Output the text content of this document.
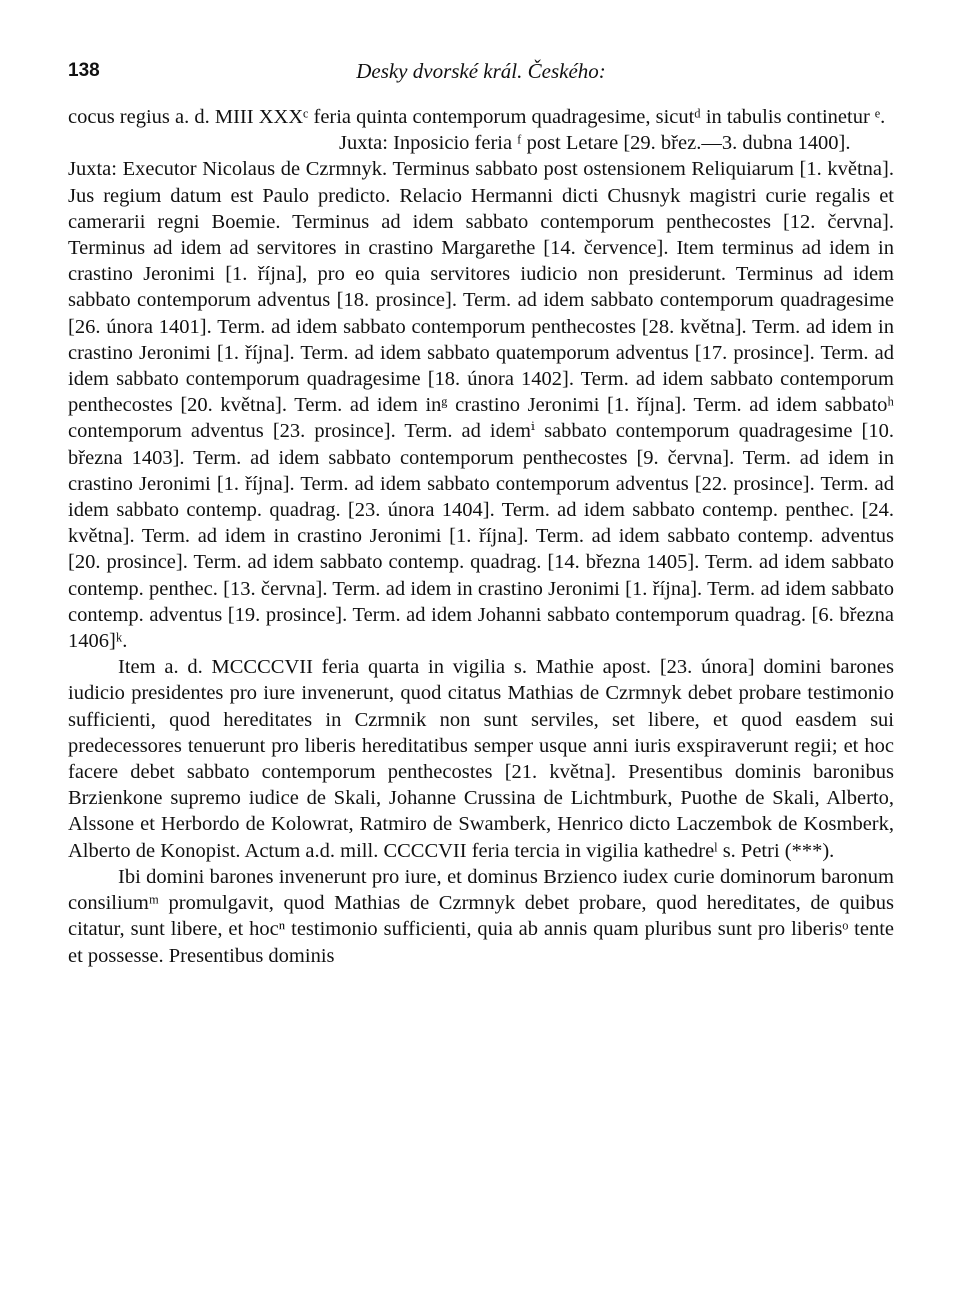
138	Desky dvorské král. Českého:

cocus regius a. d. MIII XXXᶜ feria quinta contemporum quadragesime, sicutᵈ in tabulis continetur ᵉ.

Juxta: Inposicio feria ᶠ post Letare [29. břez.—3. dubna 1400].

Juxta: Executor Nicolaus de Czrmnyk. Terminus sabbato post ostensionem Reliquiarum [1. května]. Jus regium datum est Paulo predicto. Relacio Hermanni dicti Chusnyk magistri curie regalis et camerarii regni Boemie. Terminus ad idem sabbato contemporum penthecostes [12. června]. Terminus ad idem ad servitores in crastino Margarethe [14. července]. Item terminus ad idem in crastino Jeronimi [1. října], pro eo quia servitores iudicio non presiderunt. Terminus ad idem sabbato contemporum adventus [18. prosince]. Term. ad idem sabbato contemporum quadragesime [26. února 1401]. Term. ad idem sabbato contemporum penthecostes [28. května]. Term. ad idem in crastino Jeronimi [1. října]. Term. ad idem sabbato quatemporum adventus [17. prosince]. Term. ad idem sabbato contemporum quadragesime [18. února 1402]. Term. ad idem sabbato contemporum penthecostes [20. května]. Term. ad idem inᵍ crastino Jeronimi [1. října]. Term. ad idem sabbatoʰ contemporum adventus [23. prosince]. Term. ad idemⁱ sabbato contemporum quadragesime [10. března 1403]. Term. ad idem sabbato contemporum penthecostes [9. června]. Term. ad idem in crastino Jeronimi [1. října]. Term. ad idem sabbato contemporum adventus [22. prosince]. Term. ad idem sabbato contemp. quadrag. [23. února 1404]. Term. ad idem sabbato contemp. penthec. [24. května]. Term. ad idem in crastino Jeronimi [1. října]. Term. ad idem sabbato contemp. adventus [20. prosince]. Term. ad idem sabbato contemp. quadrag. [14. března 1405]. Term. ad idem sabbato contemp. penthec. [13. června]. Term. ad idem in crastino Jeronimi [1. října]. Term. ad idem sabbato contemp. adventus [19. prosince]. Term. ad idem Johanni sabbato contemporum quadrag. [6. března 1406]ᵏ.

Item a. d. MCCCCVII feria quarta in vigilia s. Mathie apost. [23. února] domini barones iudicio presidentes pro iure invenerunt, quod citatus Mathias de Czrmnyk debet probare testimonio sufficienti, quod hereditates in Czrmnik non sunt serviles, set libere, et quod easdem sui predecessores tenuerunt pro liberis hereditatibus semper usque anni iuris exspiraverunt regii; et hoc facere debet sabbato contemporum penthecostes [21. května]. Presentibus dominis baronibus Brzienkone supremo iudice de Skali, Johanne Crussina de Lichtmburk, Puothe de Skali, Alberto, Alssone et Herbordo de Kolowrat, Ratmiro de Swamberk, Henrico dicto Laczembok de Kosmberk, Alberto de Konopist. Actum a.d. mill. CCCCVII feria tercia in vigilia kathedreˡ s. Petri (***).

Ibi domini barones invenerunt pro iure, et dominus Brzienco iudex curie dominorum baronum consiliumᵐ promulgavit, quod Mathias de Czrmnyk debet probare, quod hereditates, de quibus citatur, sunt libere, et hocⁿ testimonio sufficienti, quia ab annis quam pluribus sunt pro liberisᵒ tente et possesse. Presentibus dominis
